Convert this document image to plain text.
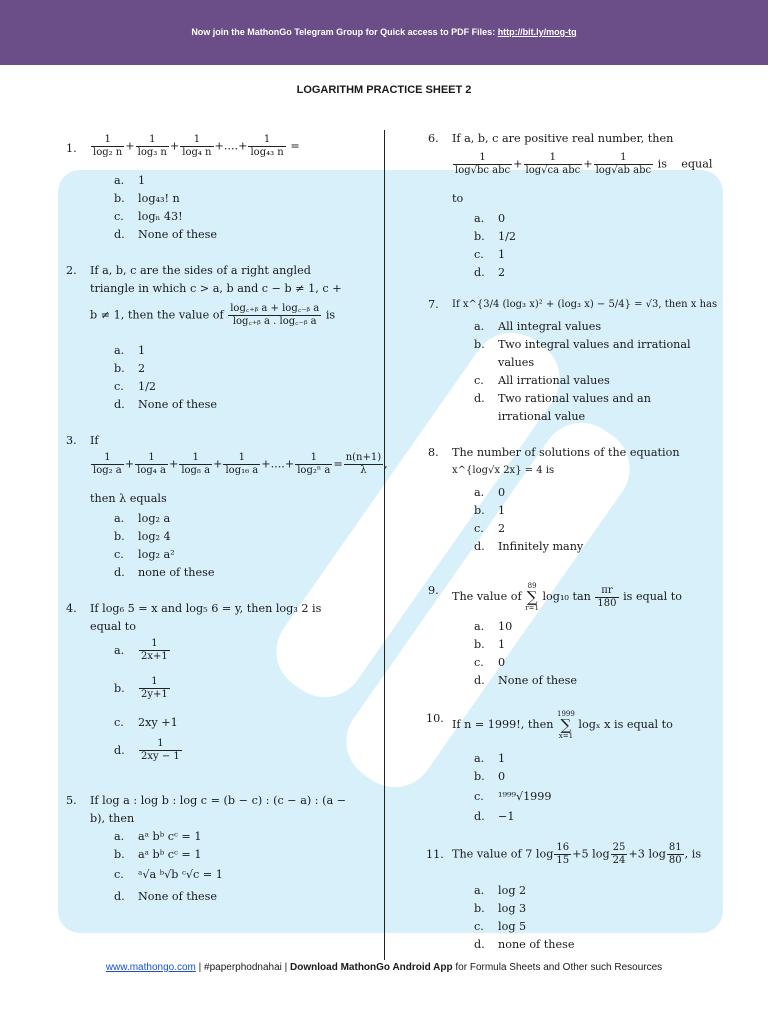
Now join the MathonGo Telegram Group for Quick access to PDF Files: http://bit.ly/mog-tg
LOGARITHM PRACTICE SHEET 2
1. $\frac{1}{\text{log₂ n}} + \frac{1}{\text{log₃ n}} + \frac{1}{\text{log₄ n}}$ +....+ $\frac{1}{\text{log₄₃ n}}$ =
a. 1
b. log₄₃! n
c. logₙ 43!
d. None of these
2. If a, b, c are the sides of a right angled
triangle in which c > a, b and c − b ≠ 1, c +
b ≠ 1, then the value of $\frac{\text{log꜀₊ᵦ a + log꜀₋ᵦ a}}{\text{log꜀₊ᵦ a . log꜀₋ᵦ a}}$ is
a. 1
b. 2
c. 1/2
d. None of these
3. If
$\frac{1}{\text{log₂ a}} + \frac{1}{\text{log₄ a}} + \frac{1}{\text{log₈ a}} + \frac{1}{\text{log₁₆ a}}$ +....+ $\frac{1}{\text{log₂ⁿ a}} = \frac{n(n+1)}{\lambda}$ ,
then λ equals
a. log₂ a
b. log₂ 4
c. log₂ a²
d. none of these
4. If log₆ 5 = x and log₅ 6 = y, then log₃ 2 is
equal to
a. $\frac{1}{2x+1}$
b. $\frac{1}{2y+1}$
c. 2xy +1
d. $\frac{1}{2xy - 1}$
5. If log a : log b : log c = (b − c) : (c − a) : (a −
b), then
a. aᵃ bᵇ cᶜ = 1
b. aᵃ bᵇ cᶜ = 1
c. ᵃ√a ᵇ√b ᶜ√c = 1
d. None of these
6. If a, b, c are positive real number, then
$\frac{1}{\text{log√bc abc}} + \frac{1}{\text{log√ca abc}} + \frac{1}{\text{log√ab abc}}$ is    equal
to
a. 0
b. 1/2
c. 1
d. 2
7. If x^{3/4 (log₃ x)² + (log₃ x) − 5/4} = √3, then x has
a. All integral values
b. Two integral values and irrational
values
c. All irrational values
d. Two rational values and an
irrational value
8. The number of solutions of the equation
x^{log√x 2x} = 4 is
a. 0
b. 1
c. 2
d. Infinitely many
9. The value of
89
∑
r=1
log₁₀ $\tan \frac{\pi r}{180}$ is equal to
a. 10
b. 1
c. 0
d. None of these
10. If n = 1999!, then
1999
∑
x=1
logₓ x is equal to
a. 1
b. 0
c. ¹⁹⁹⁹√1999
d. −1
11. The value of 7 $\log \frac{16}{15} +5$ $\log \frac{25}{24} +3$ $\log \frac{81}{80}$ , is
a. log 2
b. log 3
c. log 5
d. none of these
www.mathongo.com | #paperphodnahai | Download MathonGo Android App for Formula Sheets and Other such Resources
